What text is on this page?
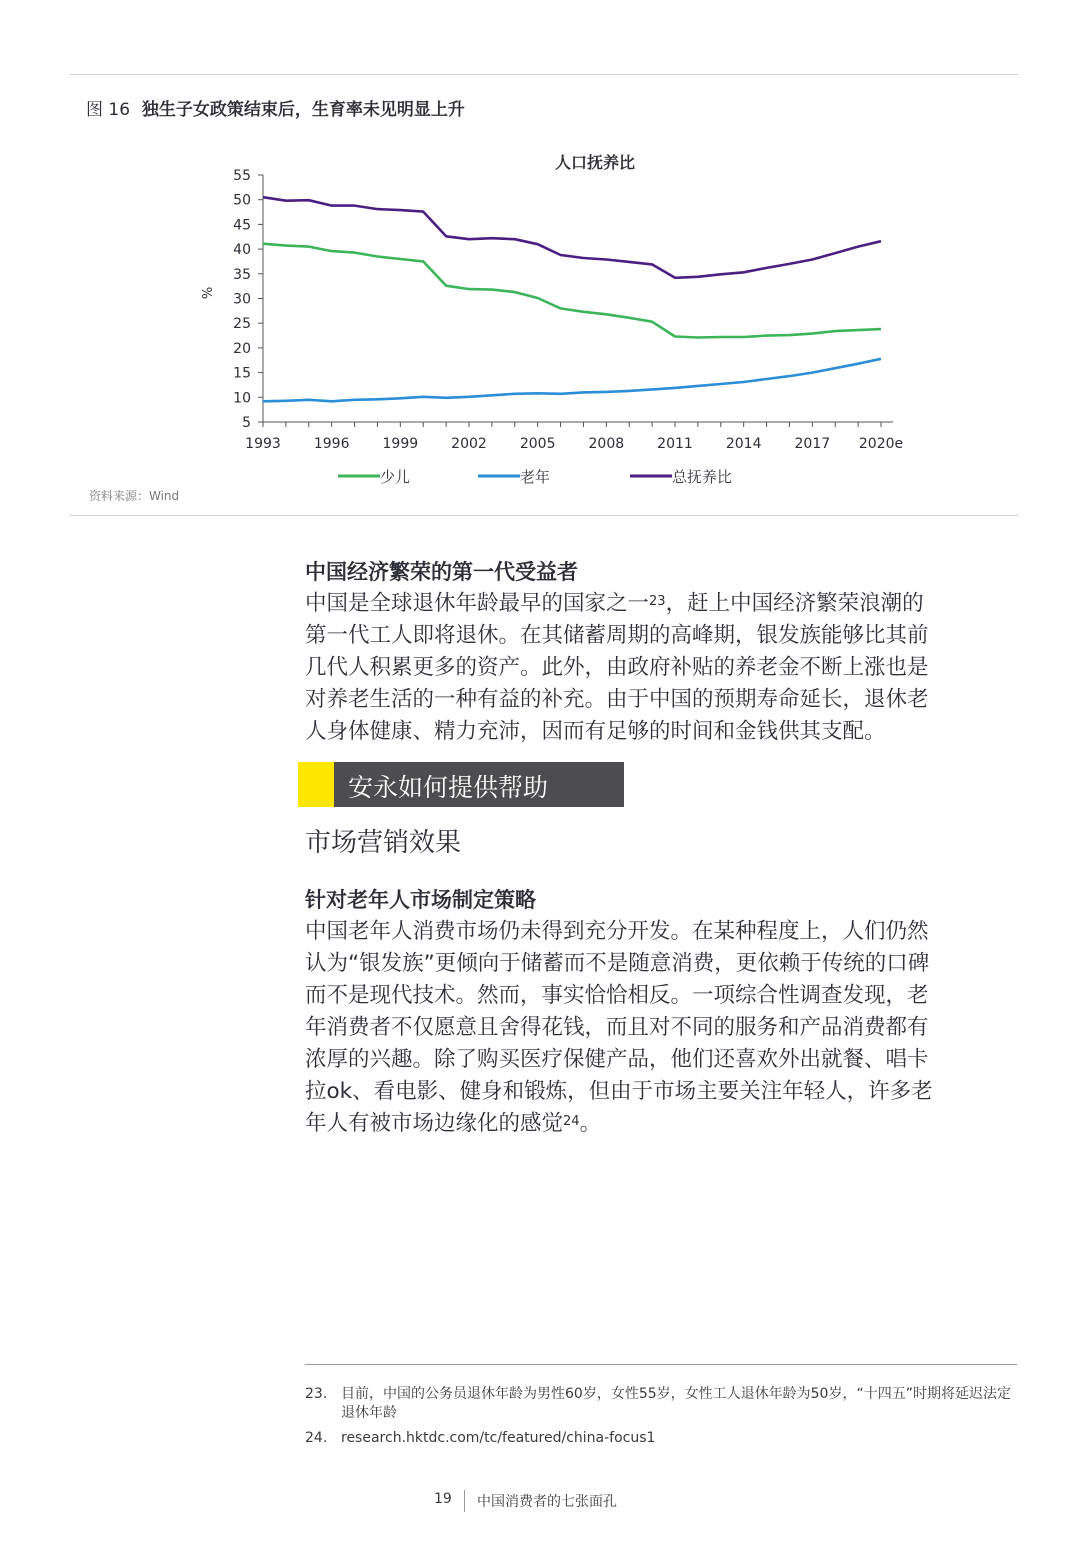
图 16 独生子女政策结束后，生育率未见明显上升
人口抚养比
5
10
15
20
25
30
35
40
45
50
55
%
1993 1996 1999 2002 2005 2008 2011 2014 2017 2020e
少儿	老年	总抚养比
资料来源：Wind
中国经济繁荣的第一代受益者
中国是全球退休年龄最早的国家之一$^{23}$，赶上中国经济繁荣浪潮的
第一代工人即将退休。在其储蓄周期的高峰期，银发族能够比其前
几代人积累更多的资产。此外，由政府补贴的养老金不断上涨也是
对养老生活的一种有益的补充。由于中国的预期寿命延长，退休老
人身体健康、精力充沛，因而有足够的时间和金钱供其支配。
安永如何提供帮助
市场营销效果
针对老年人市场制定策略
中国老年人消费市场仍未得到充分开发。在某种程度上，人们仍然
认为“银发族”更倾向于储蓄而不是随意消费，更依赖于传统的口碑
而不是现代技术。然而，事实恰恰相反。一项综合性调查发现，老
年消费者不仅愿意且舍得花钱，而且对不同的服务和产品消费都有
浓厚的兴趣。除了购买医疗保健产品，他们还喜欢外出就餐、唱卡
拉ok、看电影、健身和锻炼，但由于市场主要关注年轻人，许多老
年人有被市场边缘化的感觉$^{24}$。
23. 目前，中国的公务员退休年龄为男性60岁，女性55岁，女性工人退休年龄为50岁，“十四五”时期将延迟法定退休年龄
24. research.hktdc.com/tc/featured/china-focus1
19 中国消费者的七张面孔
